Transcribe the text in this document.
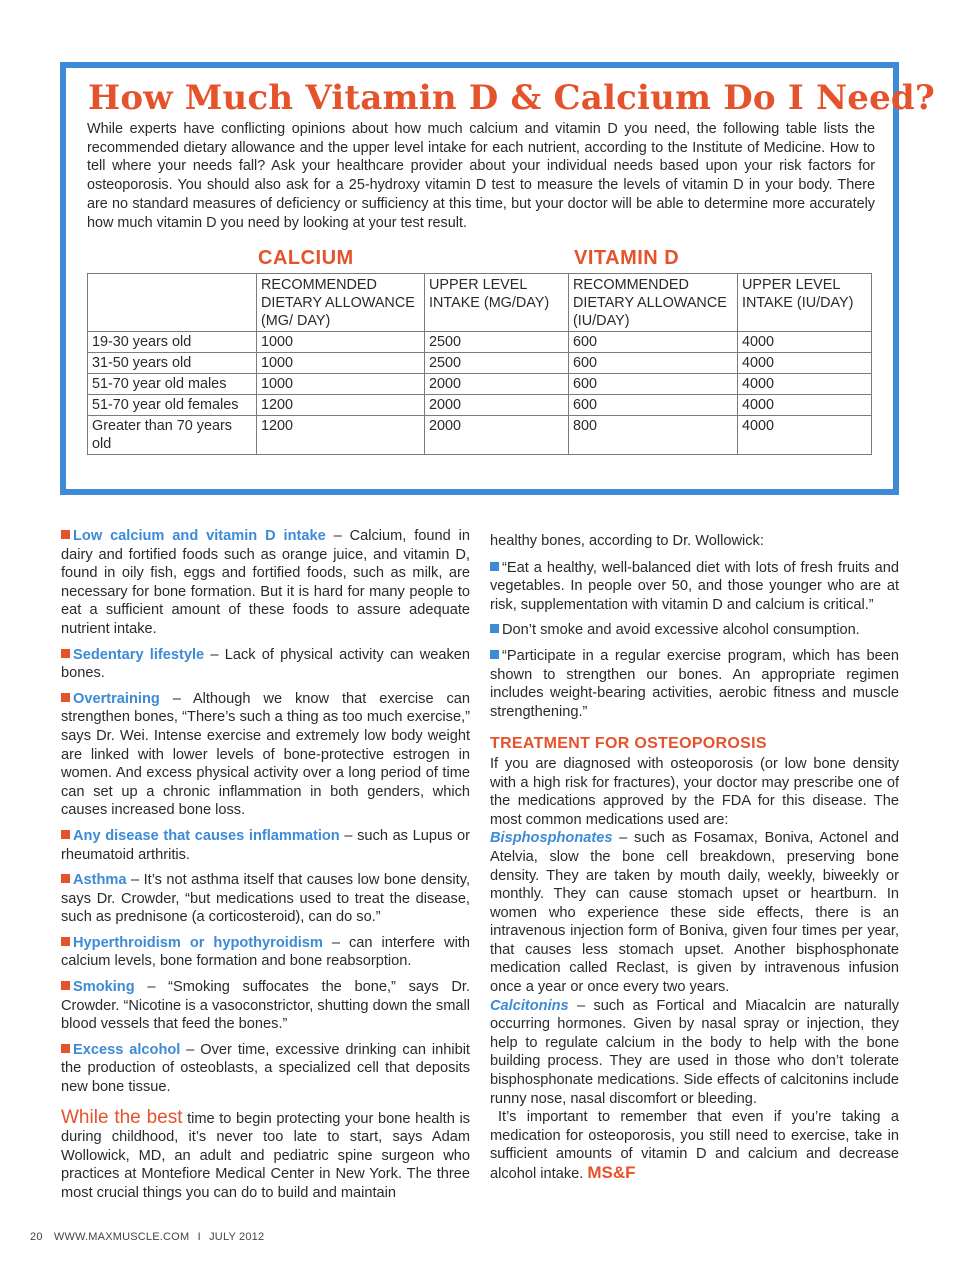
How Much Vitamin D & Calcium Do I Need?

While experts have conflicting opinions about how much calcium and vitamin D you need, the following table lists the recommended dietary allowance and the upper level intake for each nutrient, according to the Institute of Medicine. How to tell where your needs fall? Ask your healthcare provider about your individual needs based upon your risk factors for osteoporosis. You should also ask for a 25-hydroxy vitamin D test to measure the levels of vitamin D in your body. There are no standard measures of deficiency or sufficiency at this time, but your doctor will be able to determine more accurately how much vitamin D you need by looking at your test result.

CALCIUM	VITAMIN D
	RECOMMENDED DIETARY ALLOWANCE (MG/ DAY)	UPPER LEVEL INTAKE (MG/DAY)	RECOMMENDED DIETARY ALLOWANCE (IU/DAY)	UPPER LEVEL INTAKE (IU/DAY)
19-30 years old	1000	2500	600	4000
31-50 years old	1000	2500	600	4000
51-70 year old males	1000	2000	600	4000
51-70 year old females	1200	2000	600	4000
Greater than 70 years old	1200	2000	800	4000

Low calcium and vitamin D intake – Calcium, found in dairy and fortified foods such as orange juice, and vitamin D, found in oily fish, eggs and fortified foods, such as milk, are necessary for bone formation. But it is hard for many people to eat a sufficient amount of these foods to assure adequate nutrient intake.

Sedentary lifestyle – Lack of physical activity can weaken bones.

Overtraining – Although we know that exercise can strengthen bones, “There’s such a thing as too much exercise,” says Dr. Wei. Intense exercise and extremely low body weight are linked with lower levels of bone-protective estrogen in women. And excess physical activity over a long period of time can set up a chronic inflammation in both genders, which causes increased bone loss.

Any disease that causes inflammation – such as Lupus or rheumatoid arthritis.

Asthma – It’s not asthma itself that causes low bone density, says Dr. Crowder, “but medications used to treat the disease, such as prednisone (a corticosteroid), can do so.”

Hyperthroidism or hypothyroidism – can interfere with calcium levels, bone formation and bone reabsorption.

Smoking – “Smoking suffocates the bone,” says Dr. Crowder. “Nicotine is a vasoconstrictor, shutting down the small blood vessels that feed the bones.”

Excess alcohol – Over time, excessive drinking can inhibit the production of osteoblasts, a specialized cell that deposits new bone tissue.

While the best time to begin protecting your bone health is during childhood, it’s never too late to start, says Adam Wollowick, MD, an adult and pediatric spine surgeon who practices at Montefiore Medical Center in New York. The three most crucial things you can do to build and maintain

healthy bones, according to Dr. Wollowick:

“Eat a healthy, well-balanced diet with lots of fresh fruits and vegetables. In people over 50, and those younger who are at risk, supplementation with vitamin D and calcium is critical.”

Don’t smoke and avoid excessive alcohol consumption.

“Participate in a regular exercise program, which has been shown to strengthen our bones. An appropriate regimen includes weight-bearing activities, aerobic fitness and muscle strengthening.”

TREATMENT FOR OSTEOPOROSIS

If you are diagnosed with osteoporosis (or low bone density with a high risk for fractures), your doctor may prescribe one of the medications approved by the FDA for this disease. The most common medications used are:

Bisphosphonates – such as Fosamax, Boniva, Actonel and Atelvia, slow the bone cell breakdown, preserving bone density. They are taken by mouth daily, weekly, biweekly or monthly. They can cause stomach upset or heartburn. In women who experience these side effects, there is an intravenous injection form of Boniva, given four times per year, that causes less stomach upset. Another bisphosphonate medication called Reclast, is given by intravenous infusion once a year or once every two years.

Calcitonins – such as Fortical and Miacalcin are naturally occurring hormones. Given by nasal spray or injection, they help to regulate calcium in the body to help with the bone building process. They are used in those who don’t tolerate bisphosphonate medications. Side effects of calcitonins include runny nose, nasal discomfort or bleeding.

It’s important to remember that even if you’re taking a medication for osteoporosis, you still need to exercise, take in sufficient amounts of vitamin D and calcium and decrease alcohol intake. MS&F

20 WWW.MAXMUSCLE.COM I JULY 2012
